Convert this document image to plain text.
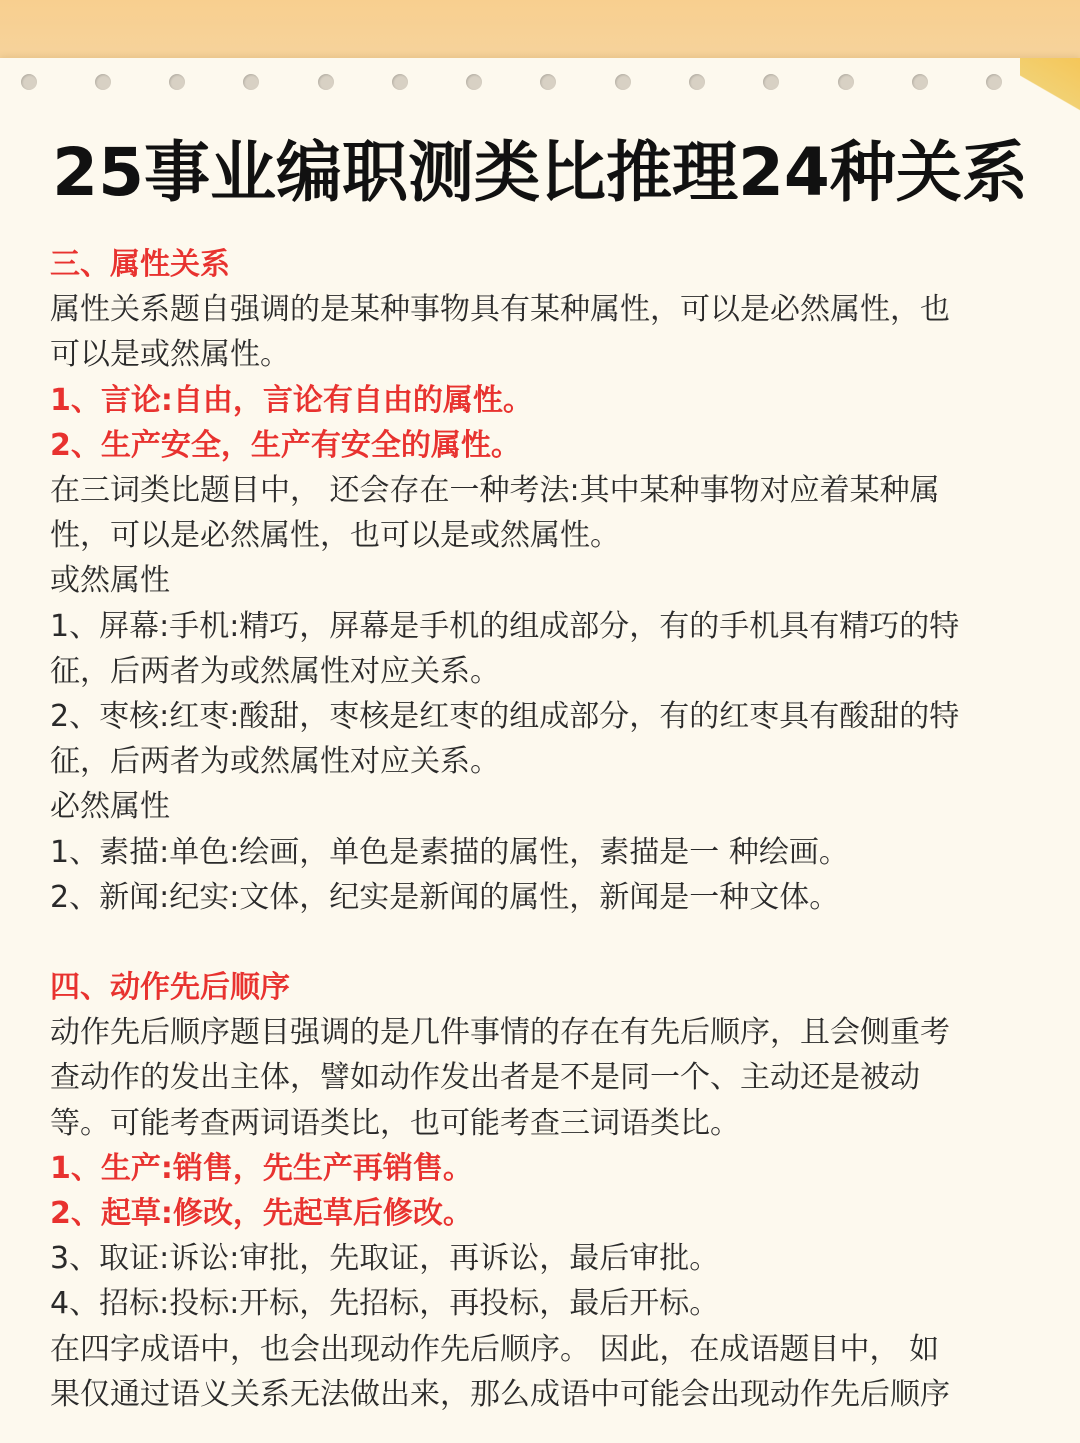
25事业编职测类比推理24种关系
三、属性关系
属性关系题自强调的是某种事物具有某种属性，可以是必然属性，也
可以是或然属性。
1、言论:自由，言论有自由的属性。
2、生产安全，生产有安全的属性。
在三词类比题目中， 还会存在一种考法:其中某种事物对应着某种属
性，可以是必然属性，也可以是或然属性。
或然属性
1、屏幕:手机:精巧，屏幕是手机的组成部分，有的手机具有精巧的特
征，后两者为或然属性对应关系。
2、枣核:红枣:酸甜，枣核是红枣的组成部分，有的红枣具有酸甜的特
征，后两者为或然属性对应关系。
必然属性
1、素描:单色:绘画，单色是素描的属性，素描是一 种绘画。
2、新闻:纪实:文体，纪实是新闻的属性，新闻是一种文体。
四、动作先后顺序
动作先后顺序题目强调的是几件事情的存在有先后顺序，且会侧重考
查动作的发出主体，譬如动作发出者是不是同一个、主动还是被动
等。可能考查两词语类比，也可能考查三词语类比。
1、生产:销售，先生产再销售。
2、起草:修改，先起草后修改。
3、取证:诉讼:审批，先取证，再诉讼，最后审批。
4、招标:投标:开标，先招标，再投标，最后开标。
在四字成语中，也会出现动作先后顺序。 因此，在成语题目中， 如
果仅通过语义关系无法做出来，那么成语中可能会出现动作先后顺序
